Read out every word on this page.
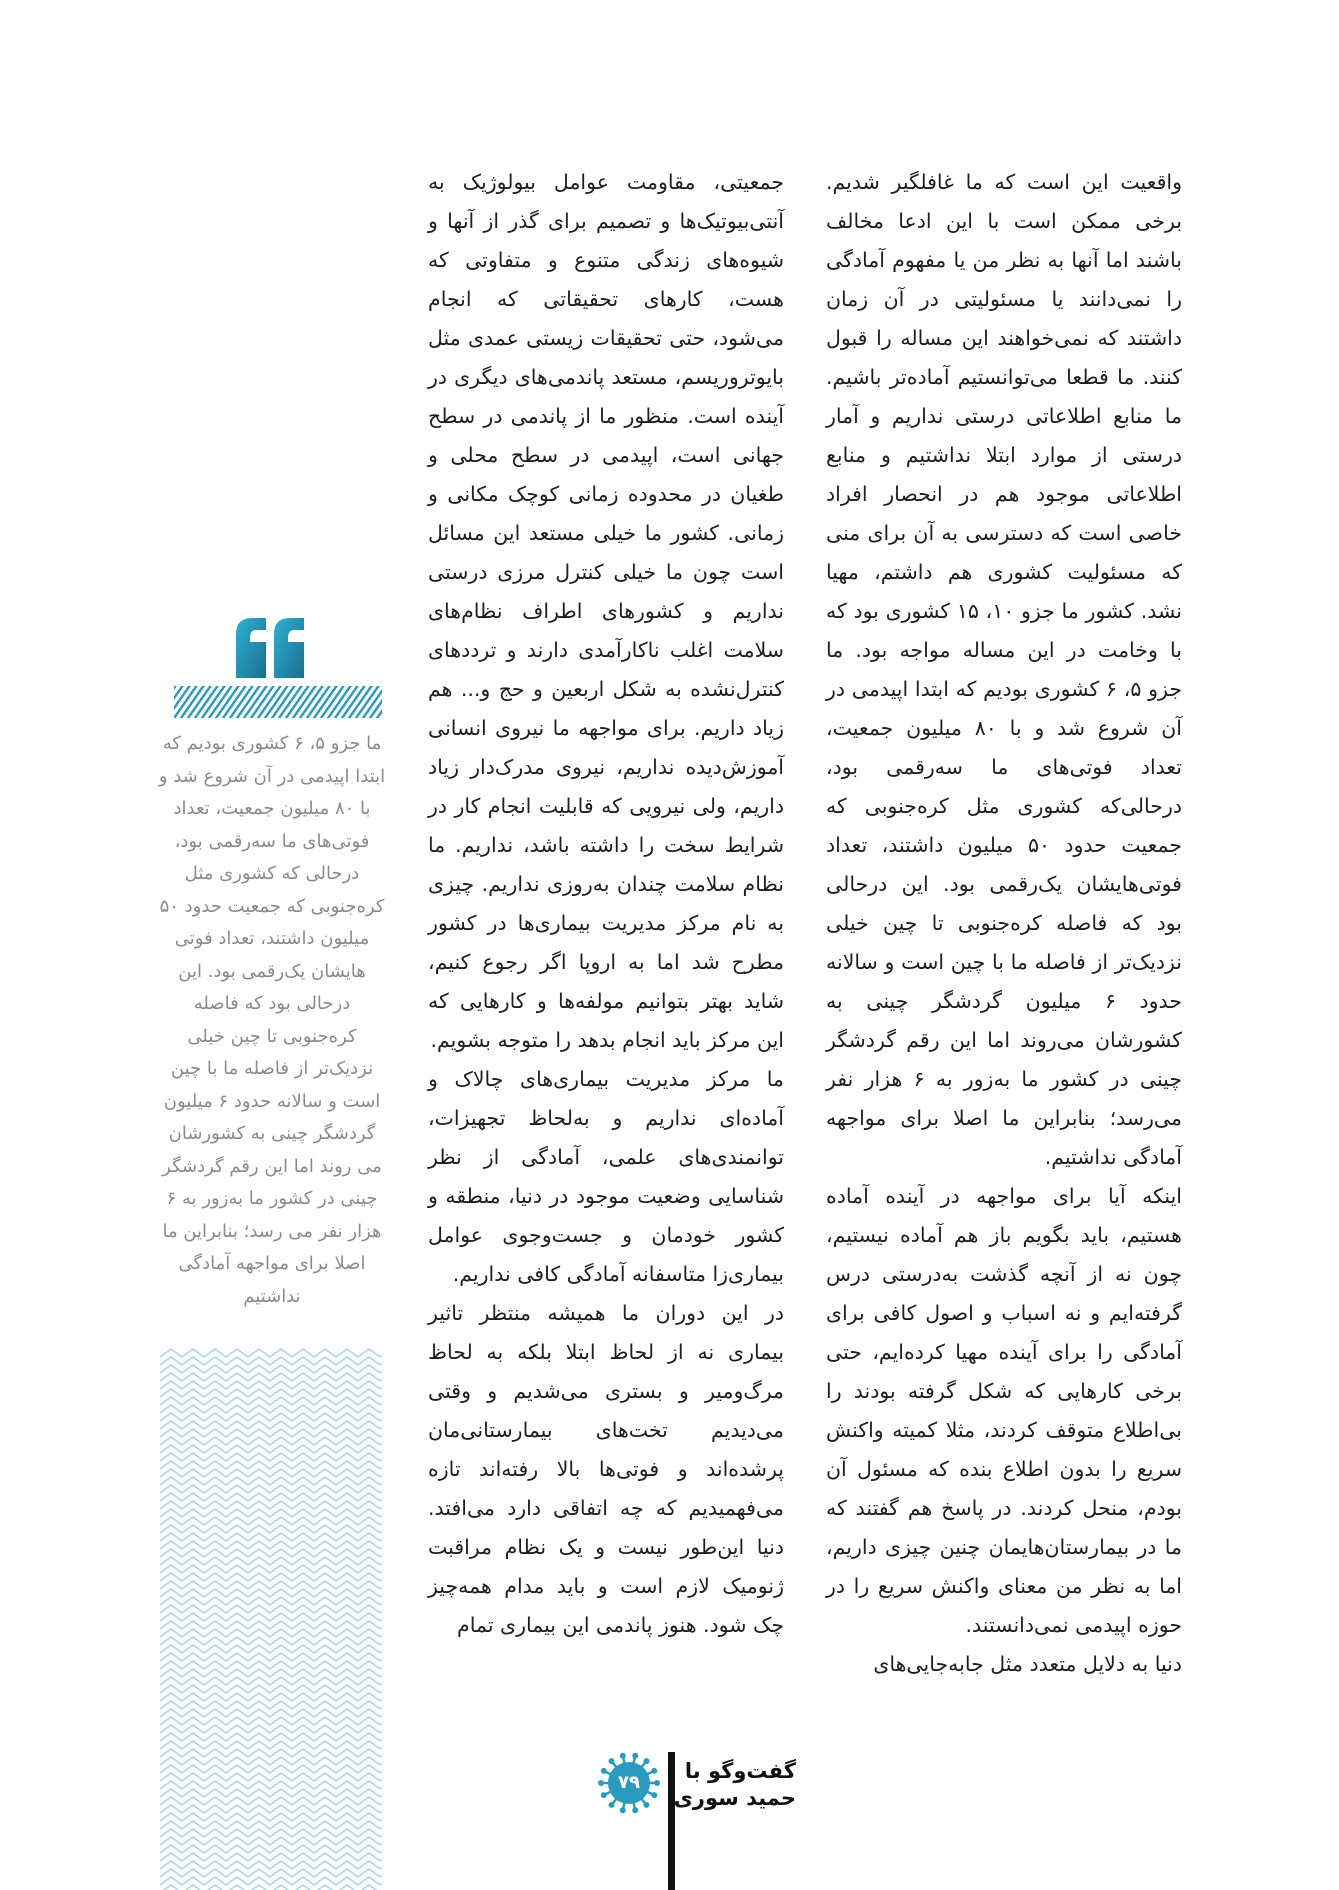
واقعیت این است که ما غافلگیر شدیم. برخی ممکن است با این ادعا مخالف باشند اما آنها به نظر من یا مفهوم آمادگی را نمی‌دانند یا مسئولیتی در آن زمان داشتند که نمی‌خواهند این مساله را قبول کنند. ما قطعا می‌توانستیم آماده‌تر باشیم. ما منابع اطلاعاتی درستی نداریم و آمار درستی از موارد ابتلا نداشتیم و منابع اطلاعاتی موجود هم در انحصار افراد خاصی است که دسترسی به آن برای منی که مسئولیت کشوری هم داشتم، مهیا نشد. کشور ما جزو ۱۰، ۱۵ کشوری بود که با وخامت در این مساله مواجه بود. ما جزو ۵، ۶ کشوری بودیم که ابتدا اپیدمی در آن شروع شد و با ۸۰ میلیون جمعیت، تعداد فوتی‌های ما سه‌رقمی بود، درحالی‌که کشوری مثل کره‌جنوبی که جمعیت حدود ۵۰ میلیون داشتند، تعداد فوتی‌هایشان یک‌رقمی بود. این درحالی بود که فاصله کره‌جنوبی تا چین خیلی نزدیک‌تر از فاصله ما با چین است و سالانه حدود ۶ میلیون گردشگر چینی به کشورشان می‌روند اما این رقم گردشگر چینی در کشور ما به‌زور به ۶ هزار نفر می‌رسد؛ بنابراین ما اصلا برای مواجهه آمادگی نداشتیم.

اینکه آیا برای مواجهه در آینده آماده هستیم، باید بگویم باز هم آماده نیستیم، چون نه از آنچه گذشت به‌درستی درس گرفته‌ایم و نه اسباب و اصول کافی برای آمادگی را برای آینده مهیا کرده‌ایم، حتی برخی کارهایی که شکل گرفته بودند را بی‌اطلاع متوقف کردند، مثلا کمیته واکنش سریع را بدون اطلاع بنده که مسئول آن بودم، منحل کردند. در پاسخ هم گفتند که ما در بیمارستان‌هایمان چنین چیزی داریم، اما به نظر من معنای واکنش سریع را در حوزه اپیدمی نمی‌دانستند.

دنیا به دلایل متعدد مثل جابه‌جایی‌های

جمعیتی، مقاومت عوامل بیولوژیک به آنتی‌بیوتیک‌ها و تصمیم برای گذر از آنها و شیوه‌های زندگی متنوع و متفاوتی که هست، کارهای تحقیقاتی که انجام می‌شود، حتی تحقیقات زیستی عمدی مثل بایوتروریسم، مستعد پاندمی‌های دیگری در آینده است. منظور ما از پاندمی در سطح جهانی است، اپیدمی در سطح محلی و طغیان در محدوده زمانی کوچک مکانی و زمانی. کشور ما خیلی مستعد این مسائل است چون ما خیلی کنترل مرزی درستی نداریم و کشورهای اطراف نظام‌های سلامت اغلب ناکارآمدی دارند و ترددهای کنترل‌نشده به شکل اربعین و حج و... هم زیاد داریم. برای مواجهه ما نیروی انسانی آموزش‌دیده نداریم، نیروی مدرک‌دار زیاد داریم، ولی نیرویی که قابلیت انجام کار در شرایط سخت را داشته باشد، نداریم. ما نظام سلامت چندان به‌روزی نداریم. چیزی به نام مرکز مدیریت بیماری‌ها در کشور مطرح شد اما به اروپا اگر رجوع کنیم، شاید بهتر بتوانیم مولفه‌ها و کارهایی که این مرکز باید انجام بدهد را متوجه بشویم.

ما مرکز مدیریت بیماری‌های چالاک و آماده‌ای نداریم و به‌لحاظ تجهیزات، توانمندی‌های علمی، آمادگی از نظر شناسایی وضعیت موجود در دنیا، منطقه و کشور خودمان و جست‌وجوی عوامل بیماری‌زا متاسفانه آمادگی کافی نداریم.

در این دوران ما همیشه منتظر تاثیر بیماری نه از لحاظ ابتلا بلکه به لحاظ مرگ‌ومیر و بستری می‌شدیم و وقتی می‌دیدیم تخت‌های بیمارستانی‌مان پرشده‌اند و فوتی‌ها بالا رفته‌اند تازه می‌فهمیدیم که چه اتفاقی دارد می‌افتد. دنیا این‌طور نیست و یک نظام مراقبت ژنومیک لازم است و باید مدام همه‌چیز چک شود. هنوز پاندمی این بیماری تمام

ما جزو ۵، ۶ کشوری بودیم که ابتدا اپیدمی در آن شروع شد و با ۸۰ میلیون جمعیت، تعداد فوتی‌های ما سه‌رقمی بود، درحالی که کشوری مثل کره‌جنوبی که جمعیت حدود ۵۰ میلیون داشتند، تعداد فوتی هایشان یک‌رقمی بود. این درحالی بود که فاصله کره‌جنوبی تا چین خیلی نزدیک‌تر از فاصله ما با چین است و سالانه حدود ۶ میلیون گردشگر چینی به کشورشان می روند اما این رقم گردشگر چینی در کشور ما به‌زور به ۶ هزار نفر می رسد؛ بنابراین ما اصلا برای مواجهه آمادگی نداشتیم
گفت‌وگو با
حمید سوری
۷۹
